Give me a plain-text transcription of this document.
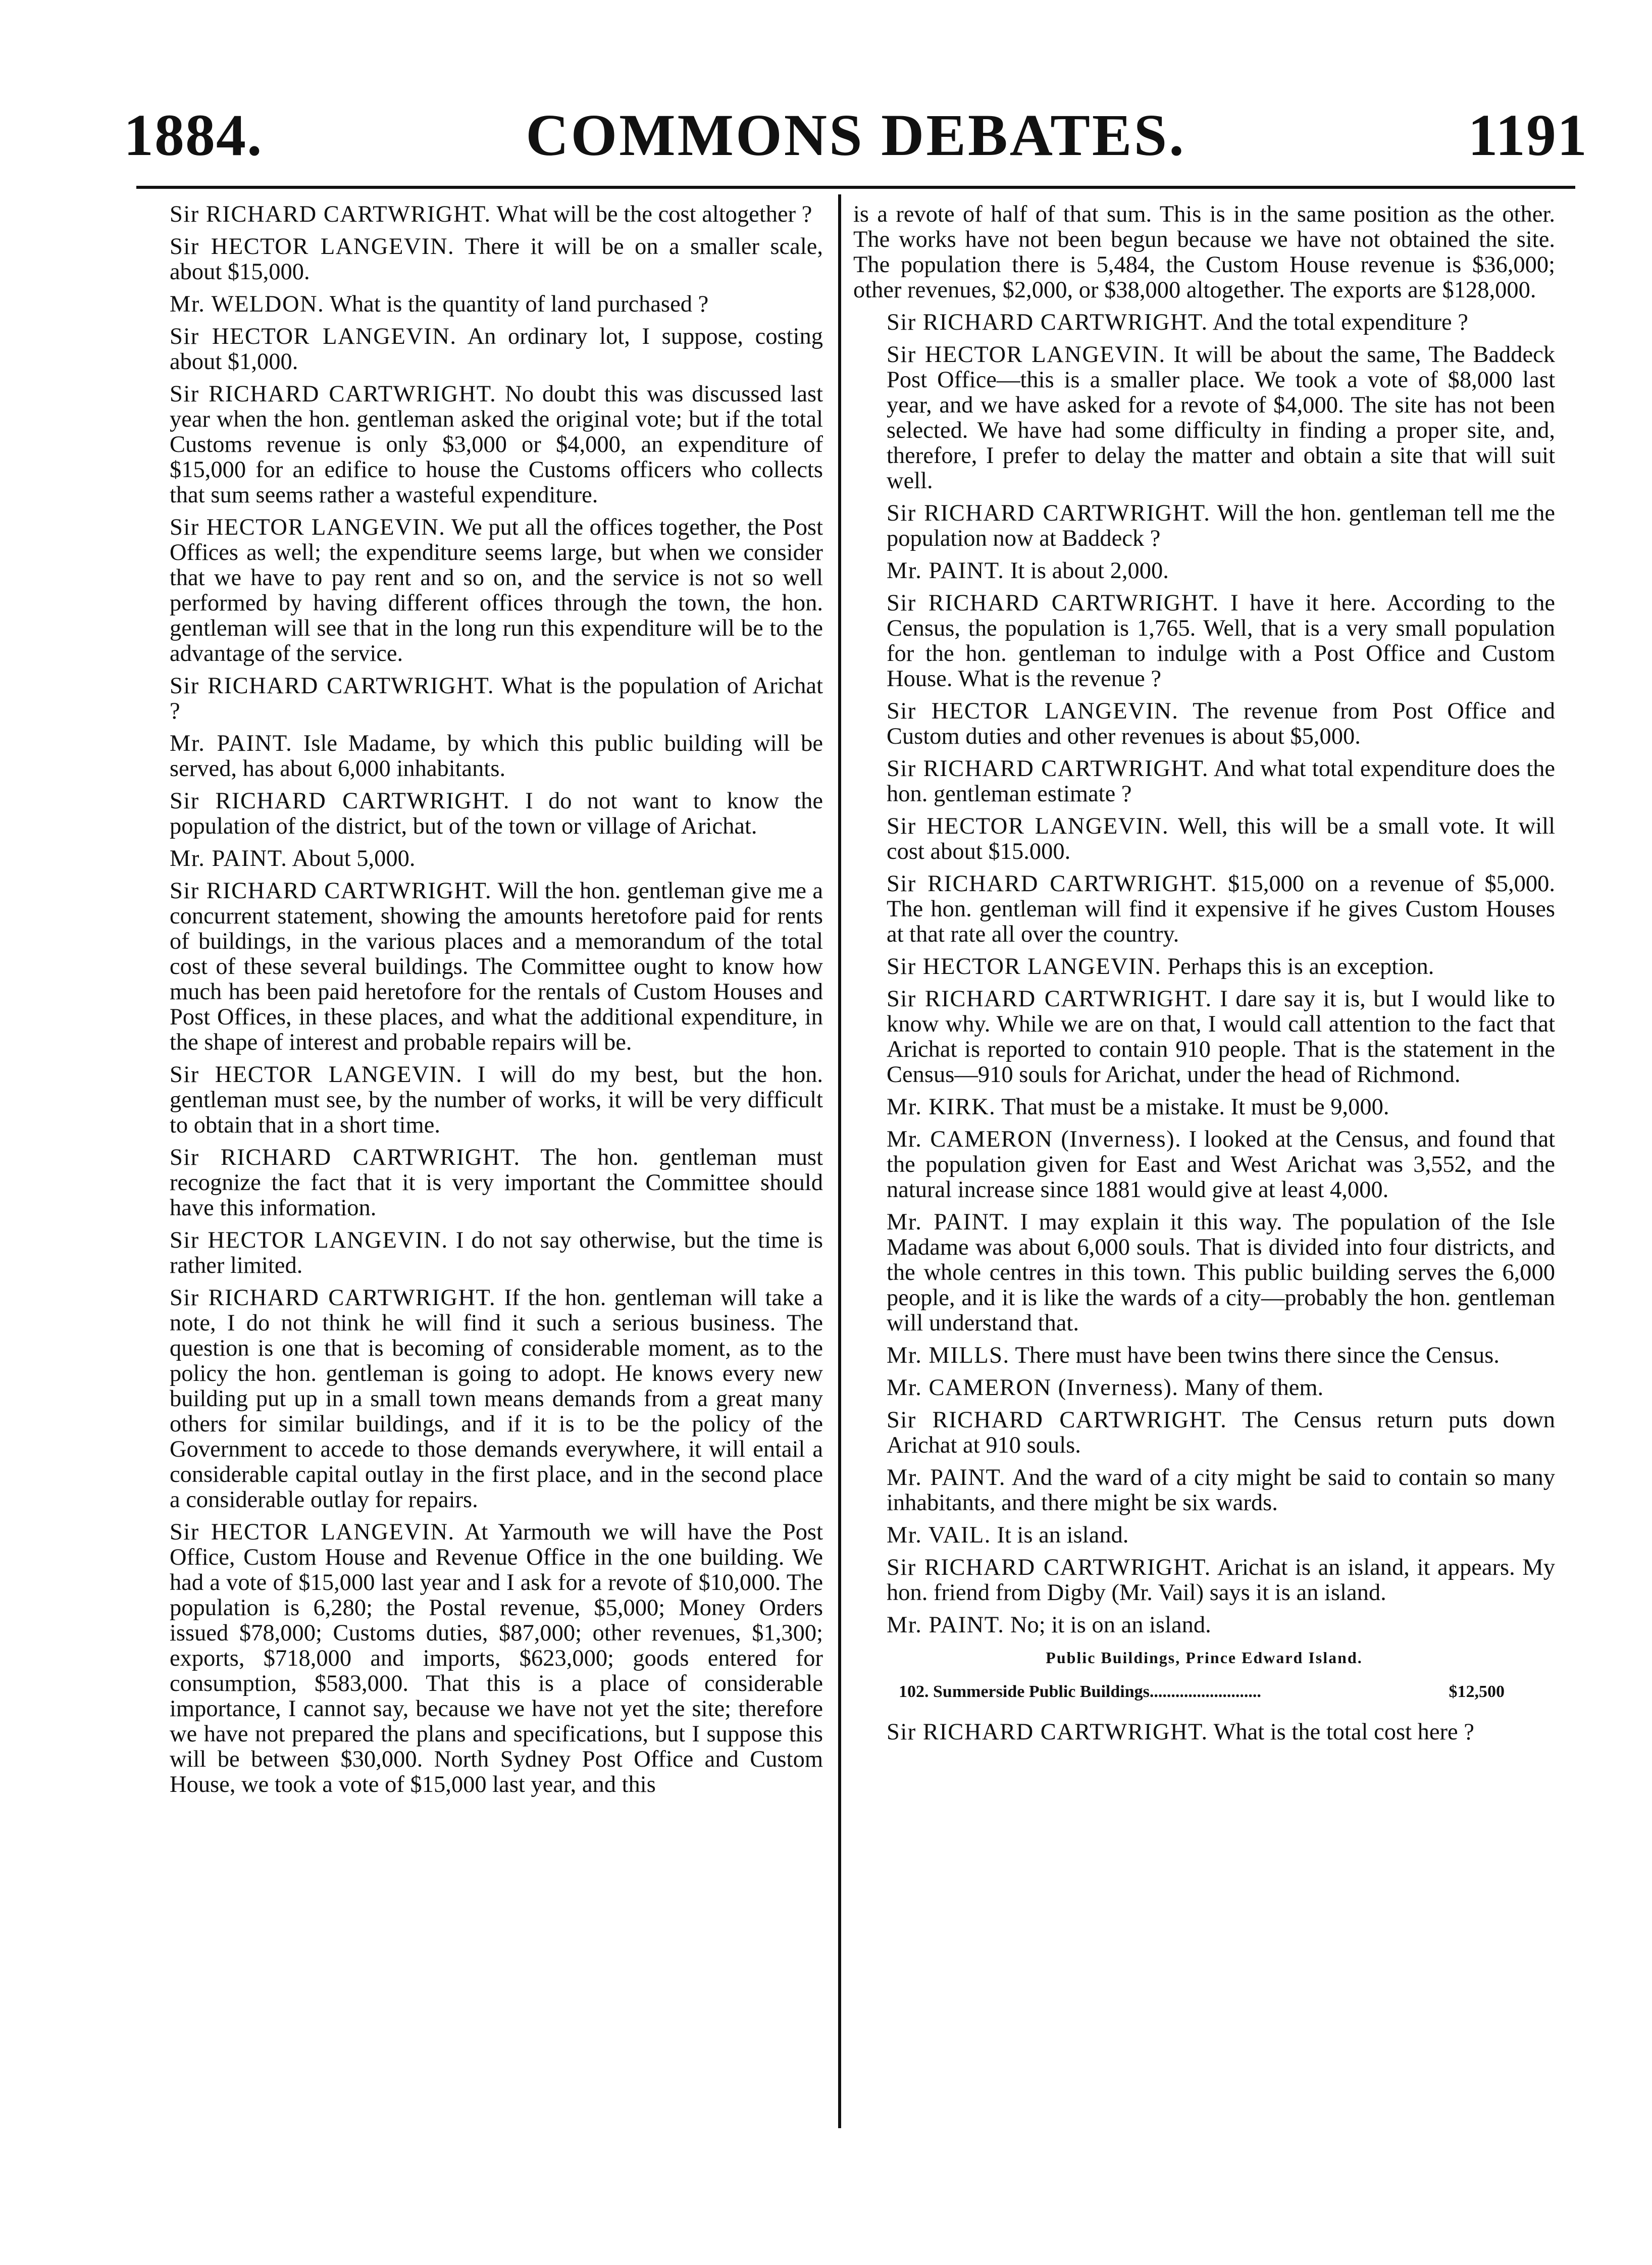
1884.	COMMONS DEBATES.	1191

Sir RICHARD CARTWRIGHT. What will be the cost altogether ?

Sir HECTOR LANGEVIN. There it will be on a smaller scale, about $15,000.

Mr. WELDON. What is the quantity of land purchased ?

Sir HECTOR LANGEVIN. An ordinary lot, I suppose, costing about $1,000.

Sir RICHARD CARTWRIGHT. No doubt this was discussed last year when the hon. gentleman asked the original vote; but if the total Customs revenue is only $3,000 or $4,000, an expenditure of $15,000 for an edifice to house the Customs officers who collects that sum seems rather a wasteful expenditure.

Sir HECTOR LANGEVIN. We put all the offices together, the Post Offices as well; the expenditure seems large, but when we consider that we have to pay rent and so on, and the service is not so well performed by having different offices through the town, the hon. gentleman will see that in the long run this expenditure will be to the advantage of the service.

Sir RICHARD CARTWRIGHT. What is the population of Arichat ?

Mr. PAINT. Isle Madame, by which this public building will be served, has about 6,000 inhabitants.

Sir RICHARD CARTWRIGHT. I do not want to know the population of the district, but of the town or village of Arichat.

Mr. PAINT. About 5,000.

Sir RICHARD CARTWRIGHT. Will the hon. gentleman give me a concurrent statement, showing the amounts heretofore paid for rents of buildings, in the various places and a memorandum of the total cost of these several buildings. The Committee ought to know how much has been paid heretofore for the rentals of Custom Houses and Post Offices, in these places, and what the additional expenditure, in the shape of interest and probable repairs will be.

Sir HECTOR LANGEVIN. I will do my best, but the hon. gentleman must see, by the number of works, it will be very difficult to obtain that in a short time.

Sir RICHARD CARTWRIGHT. The hon. gentleman must recognize the fact that it is very important the Committee should have this information.

Sir HECTOR LANGEVIN. I do not say otherwise, but the time is rather limited.

Sir RICHARD CARTWRIGHT. If the hon. gentleman will take a note, I do not think he will find it such a serious business. The question is one that is becoming of considerable moment, as to the policy the hon. gentleman is going to adopt. He knows every new building put up in a small town means demands from a great many others for similar buildings, and if it is to be the policy of the Government to accede to those demands everywhere, it will entail a considerable capital outlay in the first place, and in the second place a considerable outlay for repairs.

Sir HECTOR LANGEVIN. At Yarmouth we will have the Post Office, Custom House and Revenue Office in the one building. We had a vote of $15,000 last year and I ask for a revote of $10,000. The population is 6,280; the Postal revenue, $5,000; Money Orders issued $78,000; Customs duties, $87,000; other revenues, $1,300; exports, $718,000 and imports, $623,000; goods entered for consumption, $583,000. That this is a place of considerable importance, I cannot say, because we have not yet the site; therefore we have not prepared the plans and specifications, but I suppose this will be between $30,000. North Sydney Post Office and Custom House, we took a vote of $15,000 last year, and this

is a revote of half of that sum. This is in the same position as the other. The works have not been begun because we have not obtained the site. The population there is 5,484, the Custom House revenue is $36,000; other revenues, $2,000, or $38,000 altogether. The exports are $128,000.

Sir RICHARD CARTWRIGHT. And the total expenditure ?

Sir HECTOR LANGEVIN. It will be about the same, The Baddeck Post Office—this is a smaller place. We took a vote of $8,000 last year, and we have asked for a revote of $4,000. The site has not been selected. We have had some difficulty in finding a proper site, and, therefore, I prefer to delay the matter and obtain a site that will suit well.

Sir RICHARD CARTWRIGHT. Will the hon. gentleman tell me the population now at Baddeck ?

Mr. PAINT. It is about 2,000.

Sir RICHARD CARTWRIGHT. I have it here. According to the Census, the population is 1,765. Well, that is a very small population for the hon. gentleman to indulge with a Post Office and Custom House. What is the revenue ?

Sir HECTOR LANGEVIN. The revenue from Post Office and Custom duties and other revenues is about $5,000.

Sir RICHARD CARTWRIGHT. And what total expenditure does the hon. gentleman estimate ?

Sir HECTOR LANGEVIN. Well, this will be a small vote. It will cost about $15.000.

Sir RICHARD CARTWRIGHT. $15,000 on a revenue of $5,000. The hon. gentleman will find it expensive if he gives Custom Houses at that rate all over the country.

Sir HECTOR LANGEVIN. Perhaps this is an exception.

Sir RICHARD CARTWRIGHT. I dare say it is, but I would like to know why. While we are on that, I would call attention to the fact that Arichat is reported to contain 910 people. That is the statement in the Census—910 souls for Arichat, under the head of Richmond.

Mr. KIRK. That must be a mistake. It must be 9,000.

Mr. CAMERON (Inverness). I looked at the Census, and found that the population given for East and West Arichat was 3,552, and the natural increase since 1881 would give at least 4,000.

Mr. PAINT. I may explain it this way. The population of the Isle Madame was about 6,000 souls. That is divided into four districts, and the whole centres in this town. This public building serves the 6,000 people, and it is like the wards of a city—probably the hon. gentleman will understand that.

Mr. MILLS. There must have been twins there since the Census.

Mr. CAMERON (Inverness). Many of them.

Sir RICHARD CARTWRIGHT. The Census return puts down Arichat at 910 souls.

Mr. PAINT. And the ward of a city might be said to contain so many inhabitants, and there might be six wards.

Mr. VAIL. It is an island.

Sir RICHARD CARTWRIGHT. Arichat is an island, it appears. My hon. friend from Digby (Mr. Vail) says it is an island.

Mr. PAINT. No; it is on an island.

Public Buildings, Prince Edward Island.

102. Summerside Public Buildings..........................	$12,500

Sir RICHARD CARTWRIGHT. What is the total cost here ?
